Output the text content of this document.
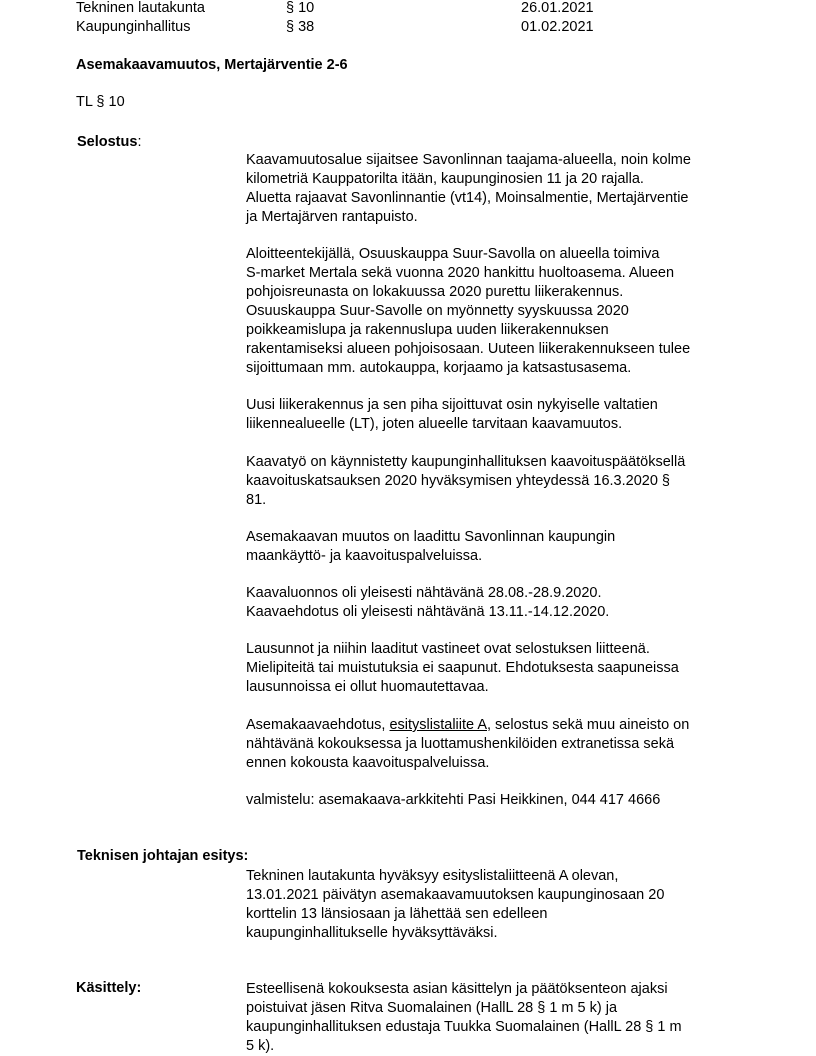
Tekninen lautakunta	§ 10	26.01.2021
Kaupunginhallitus	§ 38	01.02.2021
Asemakaavamuutos, Mertajärventie 2-6
TL § 10
Selostus:
Kaavamuutosalue sijaitsee Savonlinnan taajama-alueella, noin kolme
kilometriä Kauppatorilta itään, kaupunginosien 11 ja 20 rajalla.
Aluetta rajaavat Savonlinnantie (vt14), Moinsalmentie, Mertajärventie
ja Mertajärven rantapuisto.
Aloitteentekijällä, Osuuskauppa Suur-Savolla on alueella toimiva
S-market Mertala sekä vuonna 2020 hankittu huoltoasema. Alueen
pohjoisreunasta on lokakuussa 2020 purettu liikerakennus.
Osuuskauppa Suur-Savolle on myönnetty syyskuussa 2020
poikkeamislupa ja rakennuslupa uuden liikerakennuksen
rakentamiseksi alueen pohjoisosaan. Uuteen liikerakennukseen tulee
sijoittumaan mm. autokauppa, korjaamo ja katsastusasema.
Uusi liikerakennus ja sen piha sijoittuvat osin nykyiselle valtatien
liikennealueelle (LT), joten alueelle tarvitaan kaavamuutos.
Kaavatyö on käynnistetty kaupunginhallituksen kaavoituspäätöksellä
kaavoituskatsauksen 2020 hyväksymisen yhteydessä 16.3.2020 §
81.
Asemakaavan muutos on laadittu Savonlinnan kaupungin
maankäyttö- ja kaavoituspalveluissa.
Kaavaluonnos oli yleisesti nähtävänä 28.08.-28.9.2020.
Kaavaehdotus oli yleisesti nähtävänä 13.11.-14.12.2020.
Lausunnot ja niihin laaditut vastineet ovat selostuksen liitteenä.
Mielipiteitä tai muistutuksia ei saapunut. Ehdotuksesta saapuneissa
lausunnoissa ei ollut huomautettavaa.
Asemakaavaehdotus, esityslistaliite A, selostus sekä muu aineisto on
nähtävänä kokouksessa ja luottamushenkilöiden extranetissa sekä
ennen kokousta kaavoituspalveluissa.
valmistelu: asemakaava-arkkitehti Pasi Heikkinen, 044 417 4666
Teknisen johtajan esitys:
Tekninen lautakunta hyväksyy esityslistaliitteenä A olevan,
13.01.2021 päivätyn asemakaavamuutoksen kaupunginosaan 20
korttelin 13 länsiosaan ja lähettää sen edelleen
kaupunginhallitukselle hyväksyttäväksi.
Käsittely:	Esteellisenä kokouksesta asian käsittelyn ja päätöksenteon ajaksi
poistuivat jäsen Ritva Suomalainen (HallL 28 § 1 m 5 k) ja
kaupunginhallituksen edustaja Tuukka Suomalainen (HallL 28 § 1 m
5 k).
